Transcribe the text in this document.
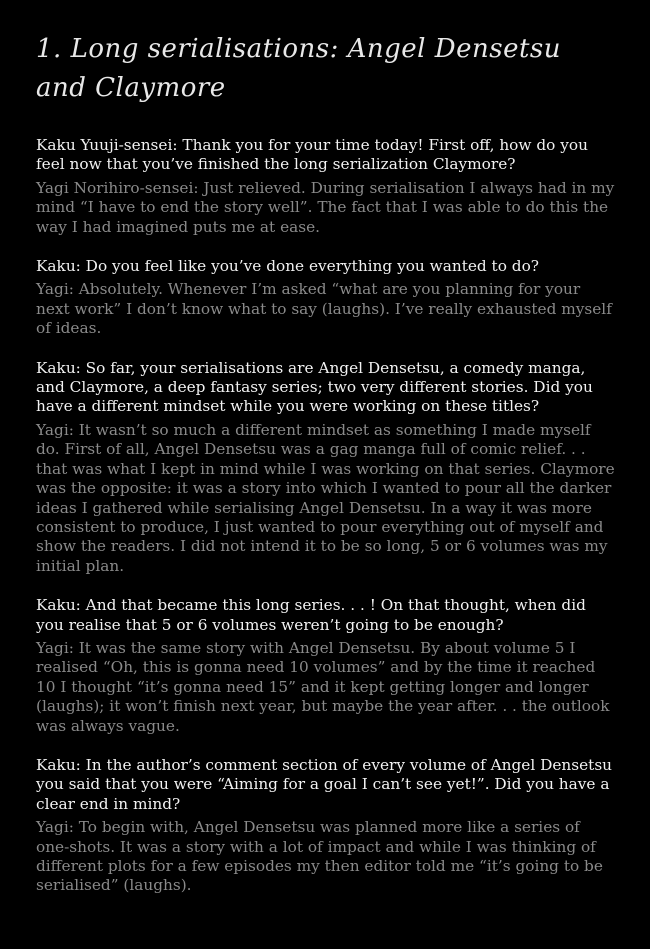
1. Long serialisations: Angel Densetsu and Claymore

Kaku Yuuji-sensei: Thank you for your time today! First off, how do you feel now that you’ve finished the long serialization Claymore?

Yagi Norihiro-sensei: Just relieved. During serialisation I always had in my mind “I have to end the story well”. The fact that I was able to do this the way I had imagined puts me at ease.

Kaku: Do you feel like you’ve done everything you wanted to do?

Yagi: Absolutely. Whenever I’m asked “what are you planning for your next work” I don’t know what to say (laughs). I’ve really exhausted myself of ideas.

Kaku: So far, your serialisations are Angel Densetsu, a comedy manga, and Claymore, a deep fantasy series; two very different stories. Did you have a different mindset while you were working on these titles?

Yagi: It wasn’t so much a different mindset as something I made myself do. First of all, Angel Densetsu was a gag manga full of comic relief. . . that was what I kept in mind while I was working on that series. Claymore was the opposite: it was a story into which I wanted to pour all the darker ideas I gathered while serialising Angel Densetsu. In a way it was more consistent to produce, I just wanted to pour everything out of myself and show the readers. I did not intend it to be so long, 5 or 6 volumes was my initial plan.

Kaku: And that became this long series. . . ! On that thought, when did you realise that 5 or 6 volumes weren’t going to be enough?

Yagi: It was the same story with Angel Densetsu. By about volume 5 I realised “Oh, this is gonna need 10 volumes” and by the time it reached 10 I thought “it’s gonna need 15” and it kept getting longer and longer (laughs); it won’t finish next year, but maybe the year after. . . the outlook was always vague.

Kaku: In the author’s comment section of every volume of Angel Densetsu you said that you were “Aiming for a goal I can’t see yet!”. Did you have a clear end in mind?

Yagi: To begin with, Angel Densetsu was planned more like a series of one-shots. It was a story with a lot of impact and while I was thinking of different plots for a few episodes my then editor told me “it’s going to be serialised” (laughs).
